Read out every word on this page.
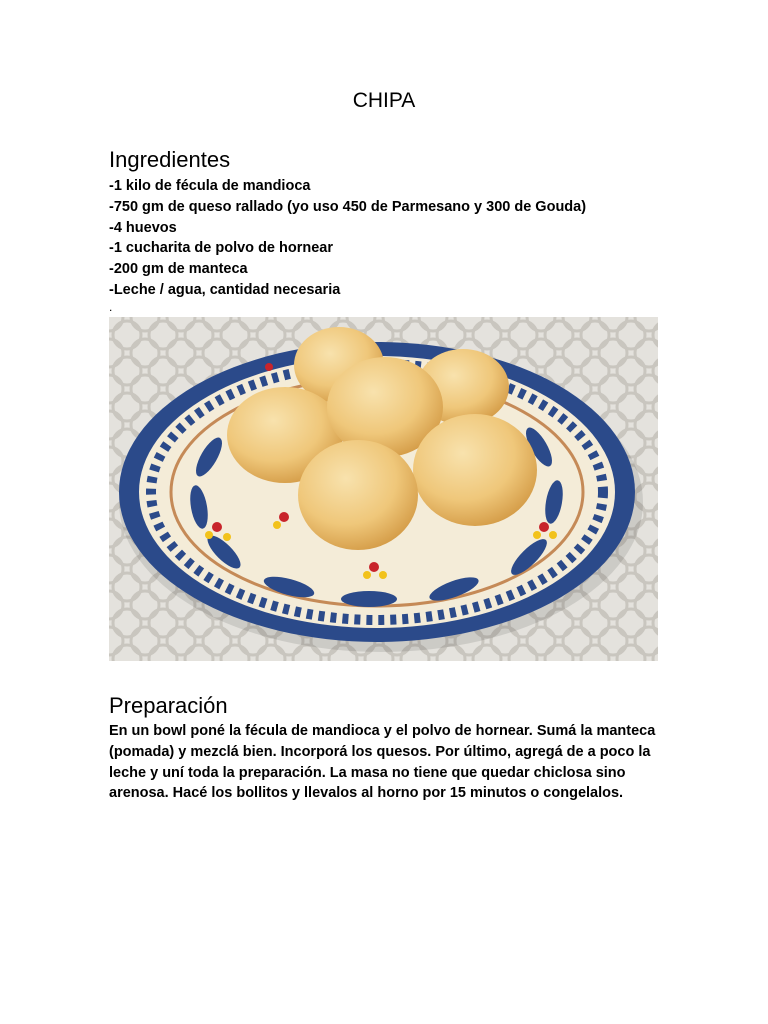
CHIPA
Ingredientes
-1 kilo de fécula de mandioca
-750 gm de queso rallado (yo uso 450 de Parmesano y 300 de Gouda)
-4 huevos
-1 cucharita de polvo de hornear
-200 gm de manteca
-Leche / agua, cantidad necesaria
.
Preparación

En un bowl poné la fécula de mandioca y el polvo de hornear. Sumá la manteca (pomada) y mezclá bien. Incorporá los quesos. Por último, agregá de a poco la leche y uní toda la preparación. La masa no tiene que quedar chiclosa sino arenosa. Hacé los bollitos y llevalos al horno por 15 minutos o congelalos.
